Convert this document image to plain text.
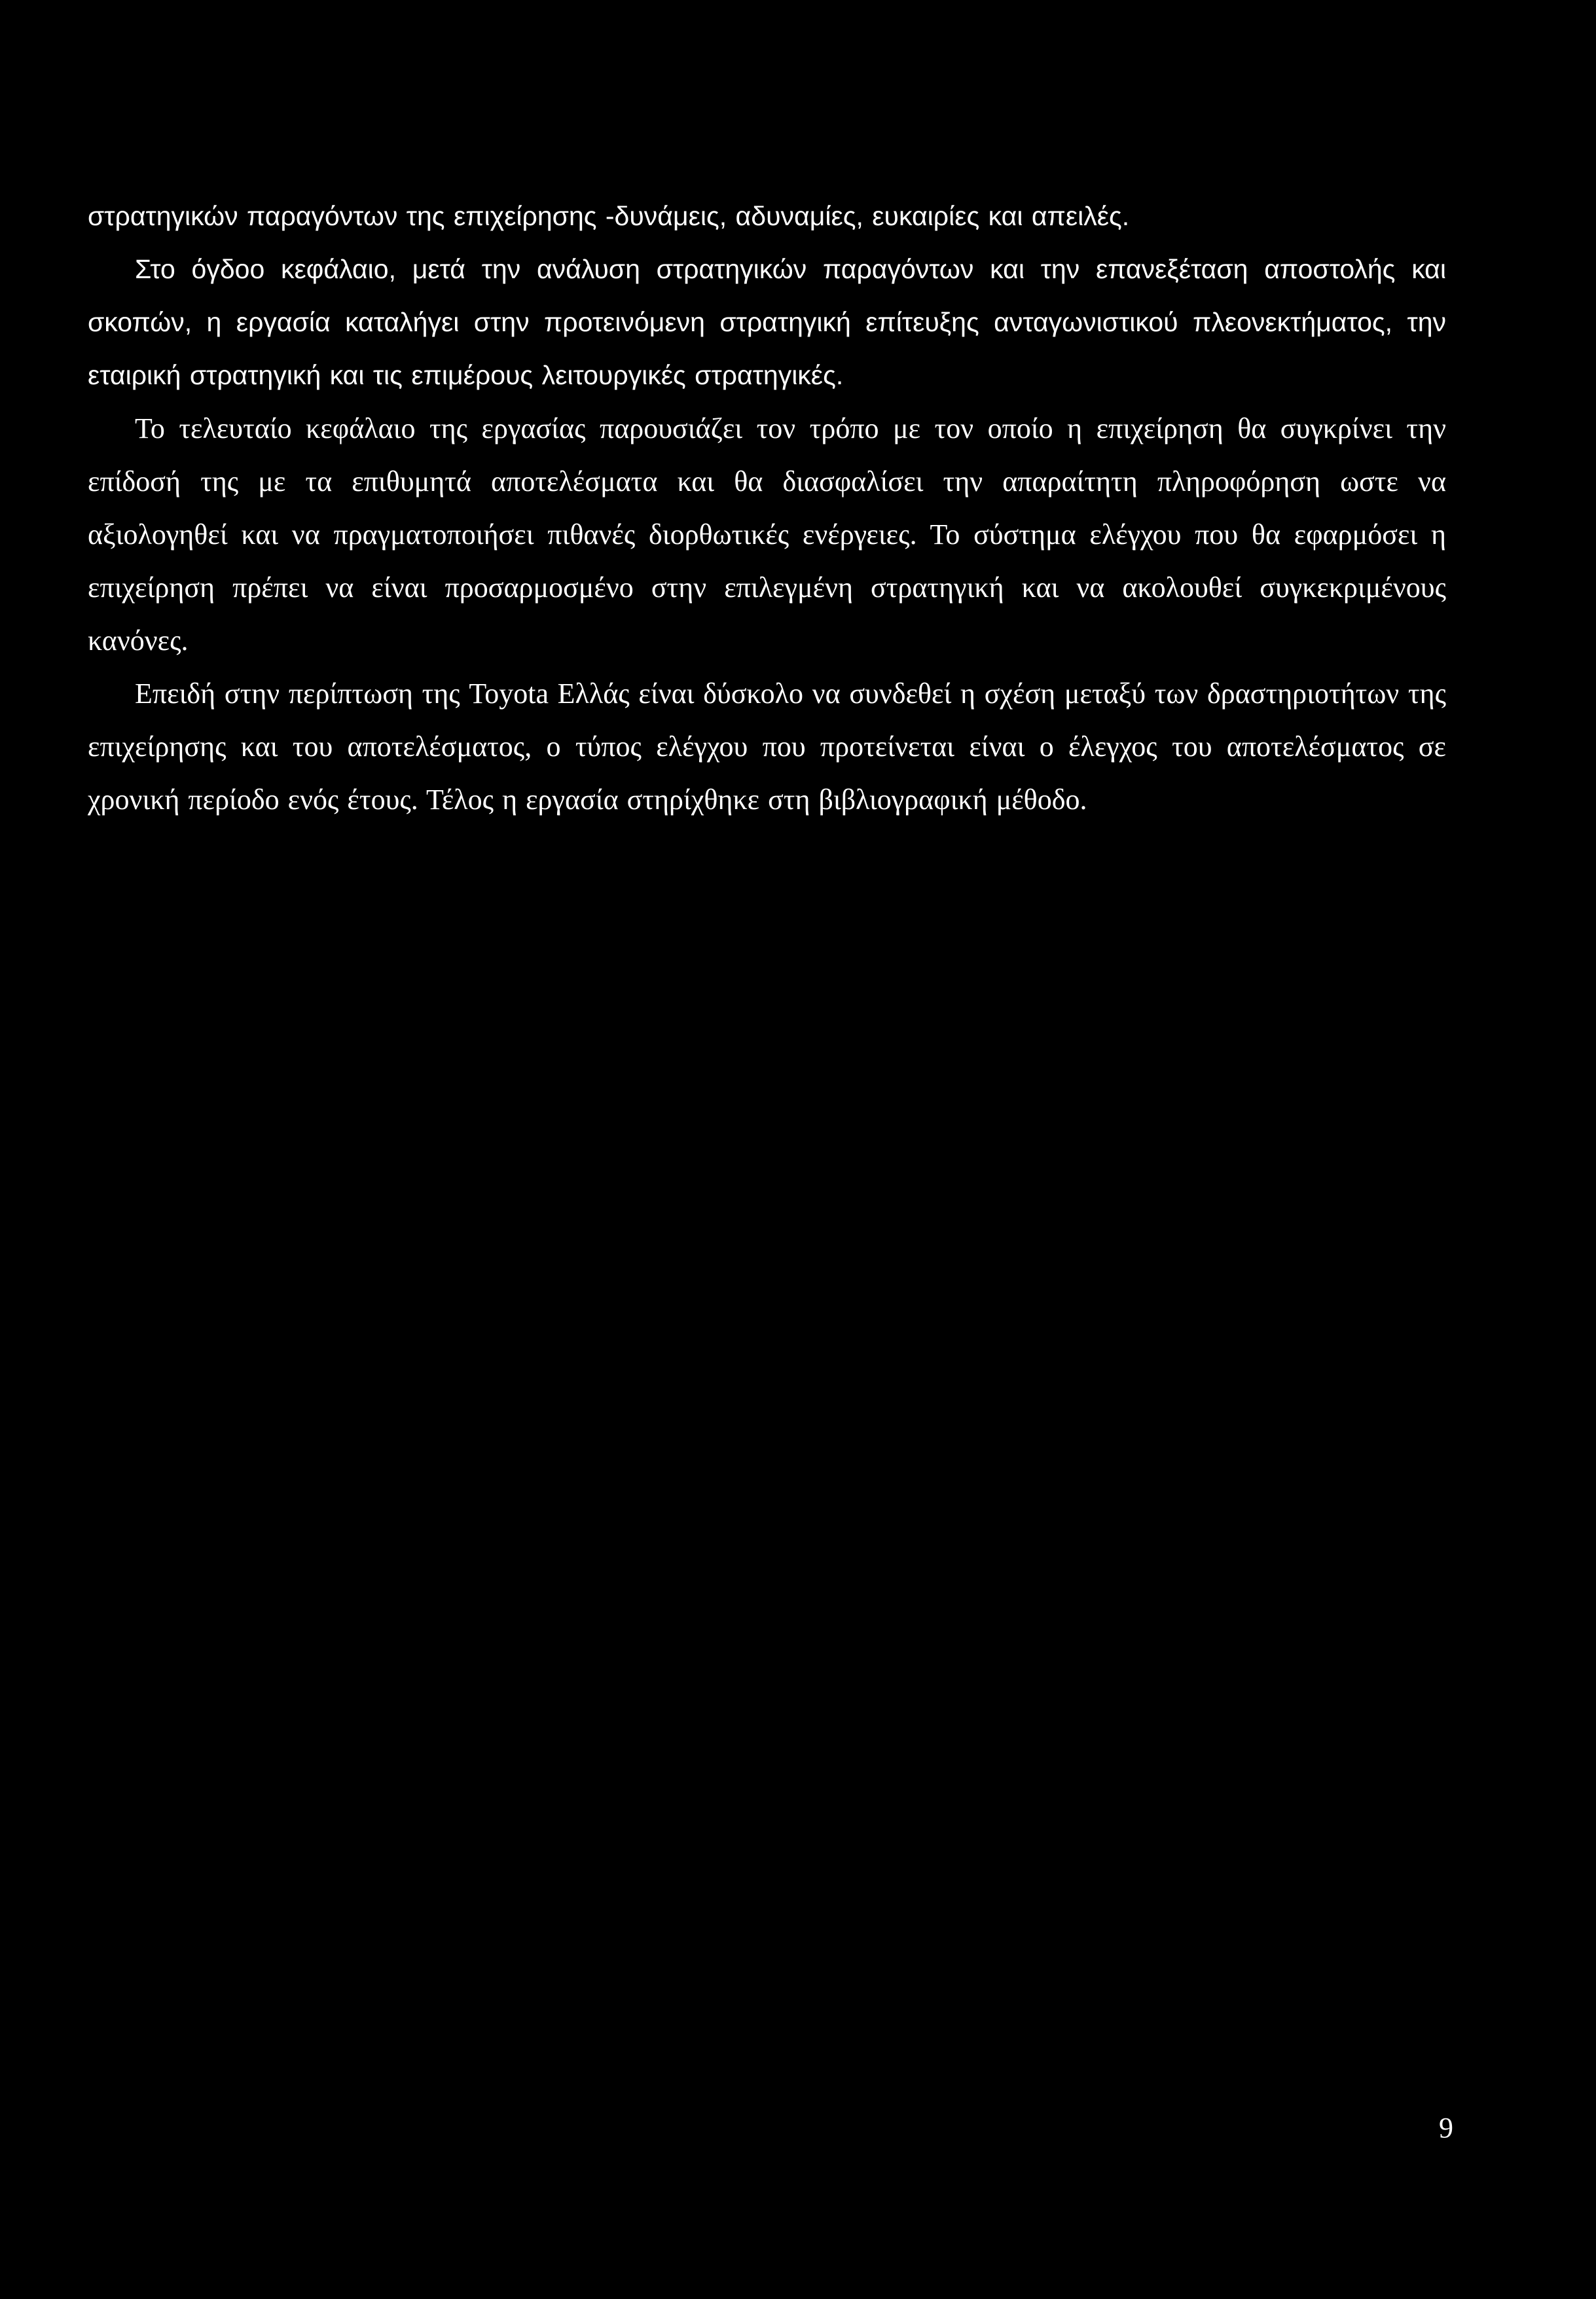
στρατηγικών παραγόντων της επιχείρησης -δυνάμεις, αδυναμίες, ευκαιρίες και απειλές.

Στο όγδοο κεφάλαιο, μετά την ανάλυση στρατηγικών παραγόντων και την επανεξέταση αποστολής και σκοπών, η εργασία καταλήγει στην προτεινόμενη στρατηγική επίτευξης ανταγωνιστικού πλεονεκτήματος, την εταιρική στρατηγική και τις επιμέρους λειτουργικές στρατηγικές.

Το τελευταίο κεφάλαιο της εργασίας παρουσιάζει τον τρόπο με τον οποίο η επιχείρηση θα συγκρίνει την επίδοσή της με τα επιθυμητά αποτελέσματα και θα διασφαλίσει την απαραίτητη πληροφόρηση ωστε να αξιολογηθεί και να πραγματοποιήσει πιθανές διορθωτικές ενέργειες. Το σύστημα ελέγχου που θα εφαρμόσει η επιχείρηση πρέπει να είναι προσαρμοσμένο στην επιλεγμένη στρατηγική και να ακολουθεί συγκεκριμένους κανόνες.

Επειδή στην περίπτωση της Toyota Ελλάς είναι δύσκολο να συνδεθεί η σχέση μεταξύ των δραστηριοτήτων της επιχείρησης και του αποτελέσματος, ο τύπος ελέγχου που προτείνεται είναι ο έλεγχος του αποτελέσματος σε χρονική περίοδο ενός έτους. Τέλος η εργασία στηρίχθηκε στη βιβλιογραφική μέθοδο.

9
